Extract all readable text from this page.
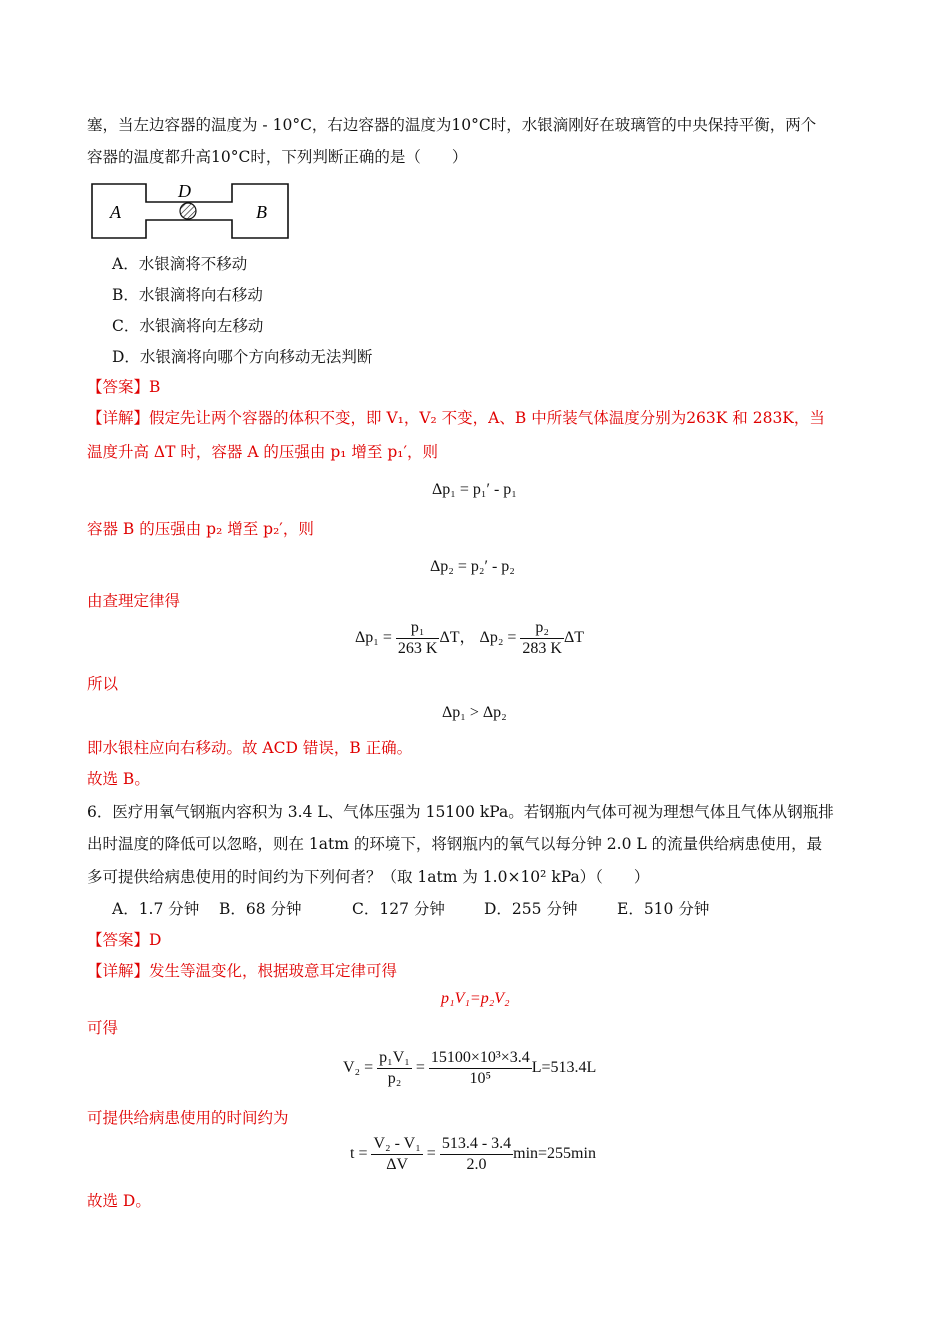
塞，当左边容器的温度为 - 10°C，右边容器的温度为10°C时，水银滴刚好在玻璃管的中央保持平衡，两个
容器的温度都升高10°C时，下列判断正确的是（　　）
A
D
B
A．水银滴将不移动
B．水银滴将向右移动
C．水银滴将向左移动
D．水银滴将向哪个方向移动无法判断
【答案】B
【详解】假定先让两个容器的体积不变，即 V₁，V₂ 不变，A、B 中所装气体温度分别为263K 和 283K，当
温度升高 ΔT 时，容器 A 的压强由 p₁ 增至 p₁′，则
Δp₁ = p₁′ - p₁
容器 B 的压强由 p₂ 增至 p₂′，则
Δp₂ = p₂′ - p₂
由查理定律得
$\Delta p_1 = \frac{\text{p₁}}{263 K}$ ΔT， $\Delta p_2 = \frac{\text{p₂}}{283 K}$ ΔT
所以
Δp₁ > Δp₂
即水银柱应向右移动。故 ACD 错误，B 正确。
故选 B。
6．医疗用氧气钢瓶内容积为 3.4 L、气体压强为 15100 kPa。若钢瓶内气体可视为理想气体且气体从钢瓶排
出时温度的降低可以忽略，则在 1atm 的环境下，将钢瓶内的氧气以每分钟 2.0 L 的流量供给病患使用，最
多可提供给病患使用的时间约为下列何者？（取 1atm 为 1.0×10² kPa）（　　）
A．1.7 分钟 B．68 分钟	C．127 分钟	D．255 分钟	E．510 分钟
【答案】D
【详解】发生等温变化，根据玻意耳定律可得
p₁V₁=p₂V₂
可得
$V_2 = \frac{\text{p₁V₁}}{\text{p₂}} = \frac{\text{15100×10³×3.4}}{\text{10⁵}} L=513.4L$
可提供给病患使用的时间约为
$t = \frac{\text{V₂ - V₁}}{\Delta V} = \frac{513.4 - 3.4}{2.0} \min=255\min$
故选 D。
